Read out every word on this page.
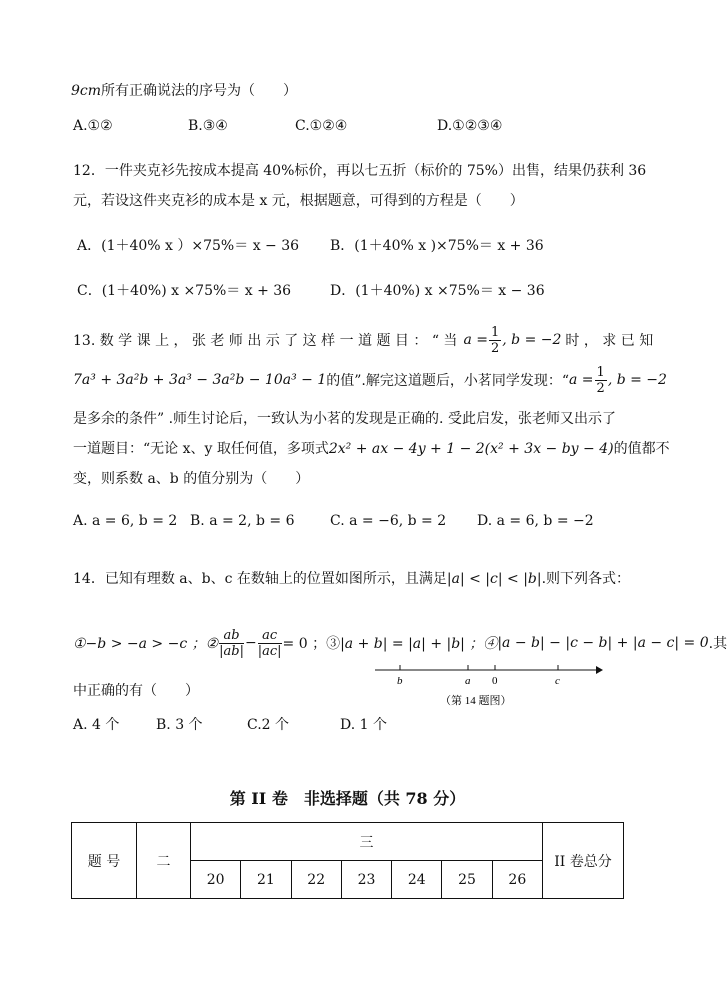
9cm所有正确说法的序号为（　　）
A.①②	B.③④	C.①②④	D.①②③④
12．一件夹克衫先按成本提高 40%标价，再以七五折（标价的 75%）出售，结果仍获利 36
元，若设这件夹克衫的成本是 x 元，根据题意，可得到的方程是（　　）
A．(1＋40% x ）×75%＝ x − 36 B．(1＋40% x )×75%＝ x + 36
C．(1＋40%) x ×75%＝ x + 36	D．(1＋40%) x ×75%＝ x − 36
13. 数 学 课 上 ， 张 老 师 出 示 了 这 样 一 道 题 目 ： “ 当 $a = \frac{1}{2}$ , b = −2 时 ， 求 已 知
7a³ + 3a²b + 3a³ − 3a²b − 10a³ − 1 的值”.解完这道题后，小茗同学发现：“ $a = \frac{1}{2}$ , b = −2
是多余的条件” .师生讨论后，一致认为小茗的发现是正确的. 受此启发，张老师又出示了
一道题目：“无论 x、y 取任何值，多项式2x² + ax − 4y + 1 − 2(x² + 3x − by − 4)的值都不
变，则系数 a、b 的值分别为（　　）
A. a = 6, b = 2 B. a = 2, b = 6	C. a = −6, b = 2 D. a = 6, b = −2
14．已知有理数 a、b、c 在数轴上的位置如图所示，且满足|a| < |c| < |b|.则下列各式：
①−b > −a > −c ；② $\frac{ab}{|ab|} - \frac{ac}{|ac|} = 0$ ；③ |a + b| = |a| + |b| ；④ |a − b| − |c − b| + |a − c| = 0 .其
中正确的有（　　）
b	a 0	c
（第 14 题图）
A. 4 个	B. 3 个	C.2 个	D. 1 个
第 II 卷　非选择题（共 78 分）
题 号	二	三							II 卷总分
		20	21	22	23	24	25	26	
